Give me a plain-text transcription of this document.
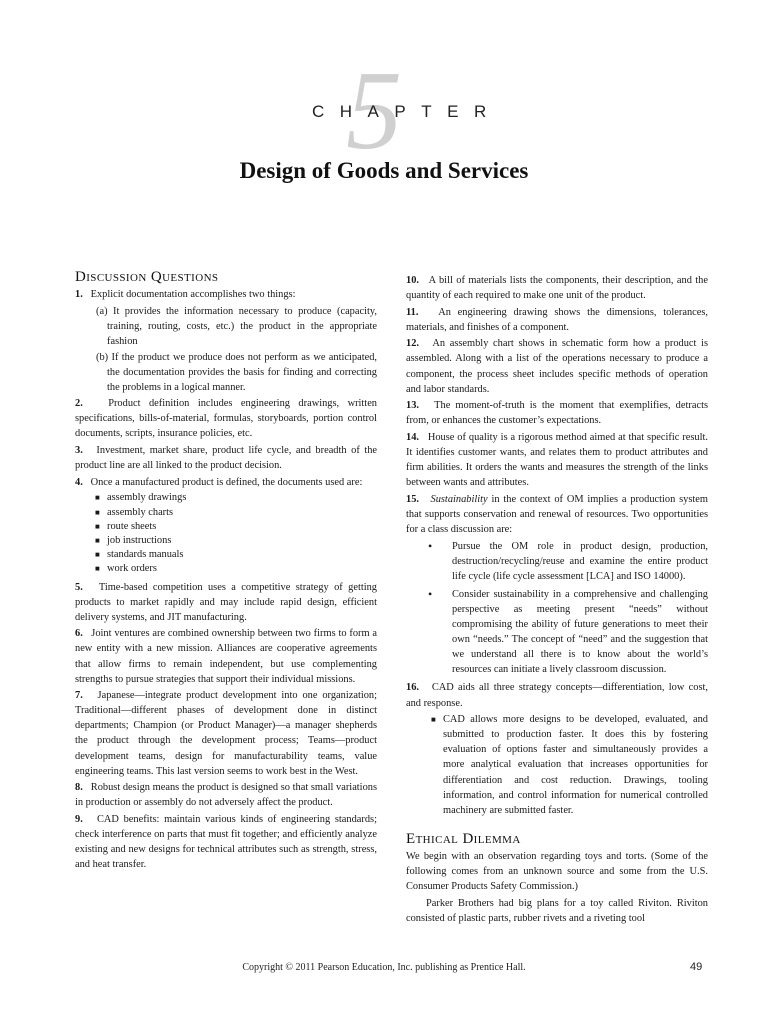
5
CHAPTER
Design of Goods and Services
Discussion Questions

1. Explicit documentation accomplishes two things:

(a) It provides the information necessary to produce (capacity, training, routing, costs, etc.) the product in the appropriate fashion

(b) If the product we produce does not perform as we anticipated, the documentation provides the basis for finding and correcting the problems in a logical manner.

2. Product definition includes engineering drawings, written specifications, bills-of-material, formulas, storyboards, portion control documents, scripts, insurance policies, etc.

3. Investment, market share, product life cycle, and breadth of the product line are all linked to the product decision.

4. Once a manufactured product is defined, the documents used are:

■ assembly drawings
■ assembly charts
■ route sheets
■ job instructions
■ standards manuals
■ work orders

5. Time-based competition uses a competitive strategy of getting products to market rapidly and may include rapid design, efficient delivery systems, and JIT manufacturing.

6. Joint ventures are combined ownership between two firms to form a new entity with a new mission. Alliances are cooperative agreements that allow firms to remain independent, but use complementing strengths to pursue strategies that support their individual missions.

7. Japanese—integrate product development into one organization; Traditional—different phases of development done in distinct departments; Champion (or Product Manager)—a manager shepherds the product through the development process; Teams—product development teams, design for manufacturability teams, value engineering teams. This last version seems to work best in the West.

8. Robust design means the product is designed so that small variations in production or assembly do not adversely affect the product.

9. CAD benefits: maintain various kinds of engineering standards; check interference on parts that must fit together; and efficiently analyze existing and new designs for technical attributes such as strength, stress, and heat transfer.

10. A bill of materials lists the components, their description, and the quantity of each required to make one unit of the product.

11. An engineering drawing shows the dimensions, tolerances, materials, and finishes of a component.

12. An assembly chart shows in schematic form how a product is assembled. Along with a list of the operations necessary to produce a component, the process sheet includes specific methods of operation and labor standards.

13. The moment-of-truth is the moment that exemplifies, detracts from, or enhances the customer’s expectations.

14. House of quality is a rigorous method aimed at that specific result. It identifies customer wants, and relates them to product attributes and firm abilities. It orders the wants and measures the strength of the links between wants and attributes.

15. Sustainability in the context of OM implies a production system that supports conservation and renewal of resources. Two opportunities for a class discussion are:

• Pursue the OM role in product design, production, destruction/recycling/reuse and examine the entire product life cycle (life cycle assessment [LCA] and ISO 14000).
• Consider sustainability in a comprehensive and challenging perspective as meeting present “needs” without compromising the ability of future generations to meet their own “needs.” The concept of “need” and the suggestion that we understand all there is to know about the world’s resources can initiate a lively classroom discussion.

16. CAD aids all three strategy concepts—differentiation, low cost, and response.

■ CAD allows more designs to be developed, evaluated, and submitted to production faster. It does this by fostering evaluation of options faster and simultaneously provides a more analytical evaluation that increases opportunities for differentiation and cost reduction. Drawings, tooling information, and control information for numerical controlled machinery are submitted faster.

Ethical Dilemma

We begin with an observation regarding toys and torts. (Some of the following comes from an unknown source and some from the U.S. Consumer Products Safety Commission.)

Parker Brothers had big plans for a toy called Riviton. Riviton consisted of plastic parts, rubber rivets and a riveting tool

Copyright © 2011 Pearson Education, Inc. publishing as Prentice Hall.	49
